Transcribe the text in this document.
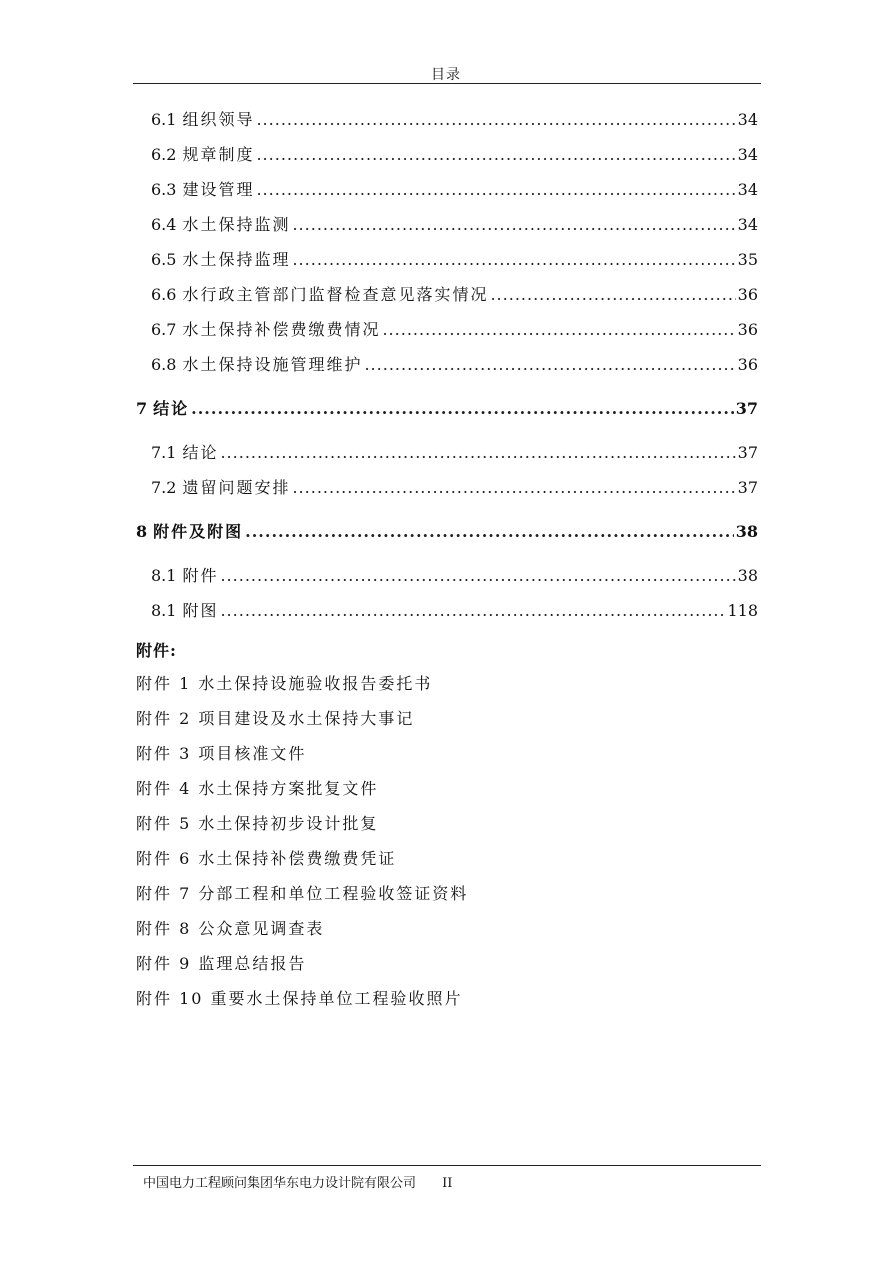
目录
6.1 组织领导 .....	34
6.2 规章制度 .....	34
6.3 建设管理 .....	34
6.4 水土保持监测 .....	34
6.5 水土保持监理 .....	35
6.6 水行政主管部门监督检查意见落实情况 .....	36
6.7 水土保持补偿费缴费情况 .....	36
6.8 水土保持设施管理维护 .....	36
7 结论 .....	37
7.1 结论 .....	37
7.2 遗留问题安排 .....	37
8 附件及附图 .....	38
8.1 附件 .....	38
8.1 附图 .....	118
附件:
附件 1 水土保持设施验收报告委托书
附件 2 项目建设及水土保持大事记
附件 3 项目核准文件
附件 4 水土保持方案批复文件
附件 5 水土保持初步设计批复
附件 6 水土保持补偿费缴费凭证
附件 7 分部工程和单位工程验收签证资料
附件 8 公众意见调查表
附件 9 监理总结报告
附件 10 重要水土保持单位工程验收照片
中国电力工程顾问集团华东电力设计院有限公司 II
